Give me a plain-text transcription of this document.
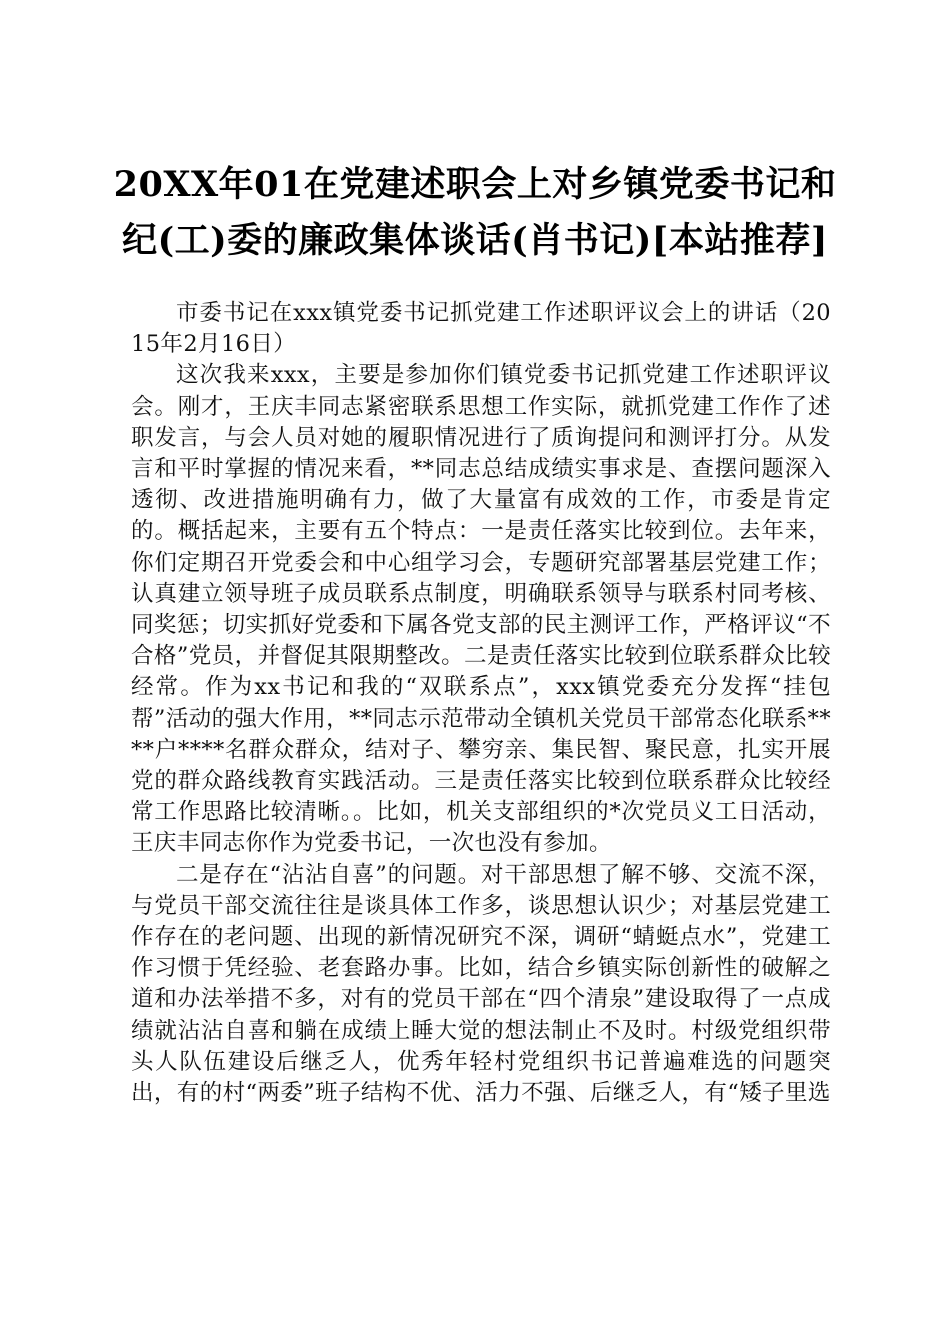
20XX年01在党建述职会上对乡镇党委书记和
纪(工)委的廉政集体谈话(肖书记)[本站推荐]

市委书记在xxx镇党委书记抓党建工作述职评议会上的讲话（2015年2月16日）

这次我来xxx，主要是参加你们镇党委书记抓党建工作述职评议会。刚才，王庆丰同志紧密联系思想工作实际，就抓党建工作作了述职发言，与会人员对她的履职情况进行了质询提问和测评打分。从发言和平时掌握的情况来看，**同志总结成绩实事求是、查摆问题深入透彻、改进措施明确有力，做了大量富有成效的工作，市委是肯定的。概括起来，主要有五个特点：一是责任落实比较到位。去年来，你们定期召开党委会和中心组学习会，专题研究部署基层党建工作；认真建立领导班子成员联系点制度，明确联系领导与联系村同考核、同奖惩；切实抓好党委和下属各党支部的民主测评工作，严格评议“不合格”党员，并督促其限期整改。二是责任落实比较到位联系群众比较经常。作为xx书记和我的“双联系点”，xxx镇党委充分发挥“挂包帮”活动的强大作用，**同志示范带动全镇机关党员干部常态化联系****户****名群众群众，结对子、攀穷亲、集民智、聚民意，扎实开展党的群众路线教育实践活动。三是责任落实比较到位联系群众比较经常工作思路比较清晰。。比如，机关支部组织的*次党员义工日活动，王庆丰同志你作为党委书记，一次也没有参加。

二是存在“沾沾自喜”的问题。对干部思想了解不够、交流不深，与党员干部交流往往是谈具体工作多，谈思想认识少；对基层党建工作存在的老问题、出现的新情况研究不深，调研“蜻蜓点水”，党建工作习惯于凭经验、老套路办事。比如，结合乡镇实际创新性的破解之道和办法举措不多，对有的党员干部在“四个清泉”建设取得了一点成绩就沾沾自喜和躺在成绩上睡大觉的想法制止不及时。村级党组织带头人队伍建设后继乏人，优秀年轻村党组织书记普遍难选的问题突出，有的村“两委”班子结构不优、活力不强、后继乏人，有“矮子里选
